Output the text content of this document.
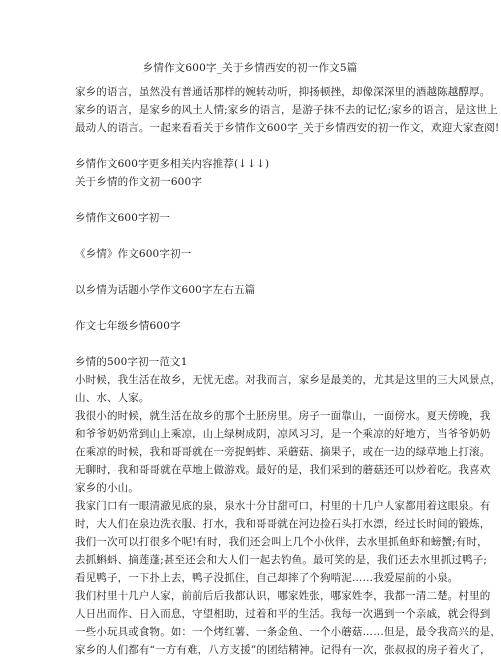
乡情作文600字_关于乡情西安的初一作文5篇
家乡的语言，虽然没有普通话那样的婉转动听，抑扬顿挫，却像深深里的酒越陈越醇厚。
家乡的语言，是家乡的风土人情;家乡的语言，是游子抹不去的记忆;家乡的语言，是这世上
最动人的语言。一起来看看关于乡情作文600字_关于乡情西安的初一作文，欢迎大家查阅!
乡情作文600字更多相关内容推荐(↓↓↓)
关于乡情的作文初一600字
乡情作文600字初一
《乡情》作文600字初一
以乡情为话题小学作文600字左右五篇
作文七年级乡情600字
乡情的500字初一范文1
小时候，我生活在故乡，无忧无虑。对我而言，家乡是最美的，尤其是这里的三大风景点，
山、水、人家。
我很小的时候，就生活在故乡的那个土胚房里。房子一面靠山，一面傍水。夏天傍晚，我
和爷爷奶奶常到山上乘凉，山上绿树成阴，凉风习习，是一个乘凉的好地方，当爷爷奶奶
在乘凉的时候，我和哥哥就在一旁捉蚂蚱、采蘑菇、摘果子，或在一边的绿草地上打滚。
无聊时，我和哥哥就在草地上做游戏。最好的是，我们采到的蘑菇还可以炒着吃。我喜欢
家乡的小山。
我家门口有一眼清澈见底的泉，泉水十分甘甜可口，村里的十几户人家都用着这眼泉。有
时，大人们在泉边洗衣服、打水，我和哥哥就在河边捡石头打水漂，经过长时间的锻炼，
我们一次可以打很多个呢!有时，我们还会叫上几个小伙伴，去水里抓鱼虾和螃蟹;有时，
去抓蝌蚪、摘莲蓬;甚至还会和大人们一起去钓鱼。最可笑的是，我们还去水里抓过鸭子;
看见鸭子，一下扑上去，鸭子没抓住，自己却摔了个狗啃泥……我爱屋前的小泉。
我们村里十几户人家，前前后后我都认识，哪家姓张，哪家姓李，我都一清二楚。村里的
人日出而作、日入而息，守望相助，过着和平的生活。我每一次遇到一个亲戚，就会得到
一些小玩具或食物。如：一个烤红薯、一条金鱼、一个小蘑菇……但是，最令我高兴的是，
家乡的人们都有“一方有难，八方支援”的团结精神。记得有一次，张叔叔的房子着火了，
